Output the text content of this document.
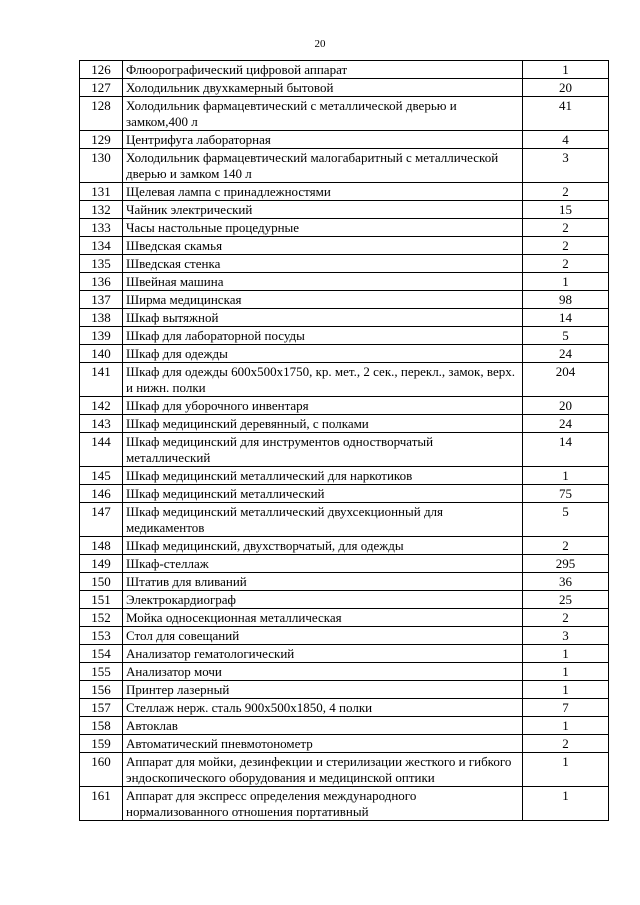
20
126	Флюорографический цифровой аппарат	1
127	Холодильник двухкамерный бытовой	20
128	Холодильник фармацевтический с металлической дверью и замком,400 л	41
129	Центрифуга лабораторная	4
130	Холодильник фармацевтический малогабаритный с металлической дверью и замком 140 л	3
131	Щелевая лампа с принадлежностями	2
132	Чайник электрический	15
133	Часы настольные процедурные	2
134	Шведская скамья	2
135	Шведская стенка	2
136	Швейная машина	1
137	Ширма медицинская	98
138	Шкаф вытяжной	14
139	Шкаф для лабораторной посуды	5
140	Шкаф для одежды	24
141	Шкаф для одежды 600х500х1750, кр. мет., 2 сек., перекл., замок, верх. и нижн. полки	204
142	Шкаф для уборочного инвентаря	20
143	Шкаф медицинский деревянный, с полками	24
144	Шкаф медицинский для инструментов одностворчатый металлический	14
145	Шкаф медицинский металлический для наркотиков	1
146	Шкаф медицинский металлический	75
147	Шкаф медицинский металлический двухсекционный для медикаментов	5
148	Шкаф медицинский, двухстворчатый, для одежды	2
149	Шкаф-стеллаж	295
150	Штатив для вливаний	36
151	Электрокардиограф	25
152	Мойка односекционная металлическая	2
153	Стол для совещаний	3
154	Анализатор гематологический	1
155	Анализатор мочи	1
156	Принтер лазерный	1
157	Стеллаж нерж. сталь 900х500х1850, 4 полки	7
158	Автоклав	1
159	Автоматический пневмотонометр	2
160	Аппарат для мойки, дезинфекции и стерилизации жесткого и гибкого эндоскопического оборудования и медицинской оптики	1
161	Аппарат для экспресс определения международного нормализованного отношения портативный	1
